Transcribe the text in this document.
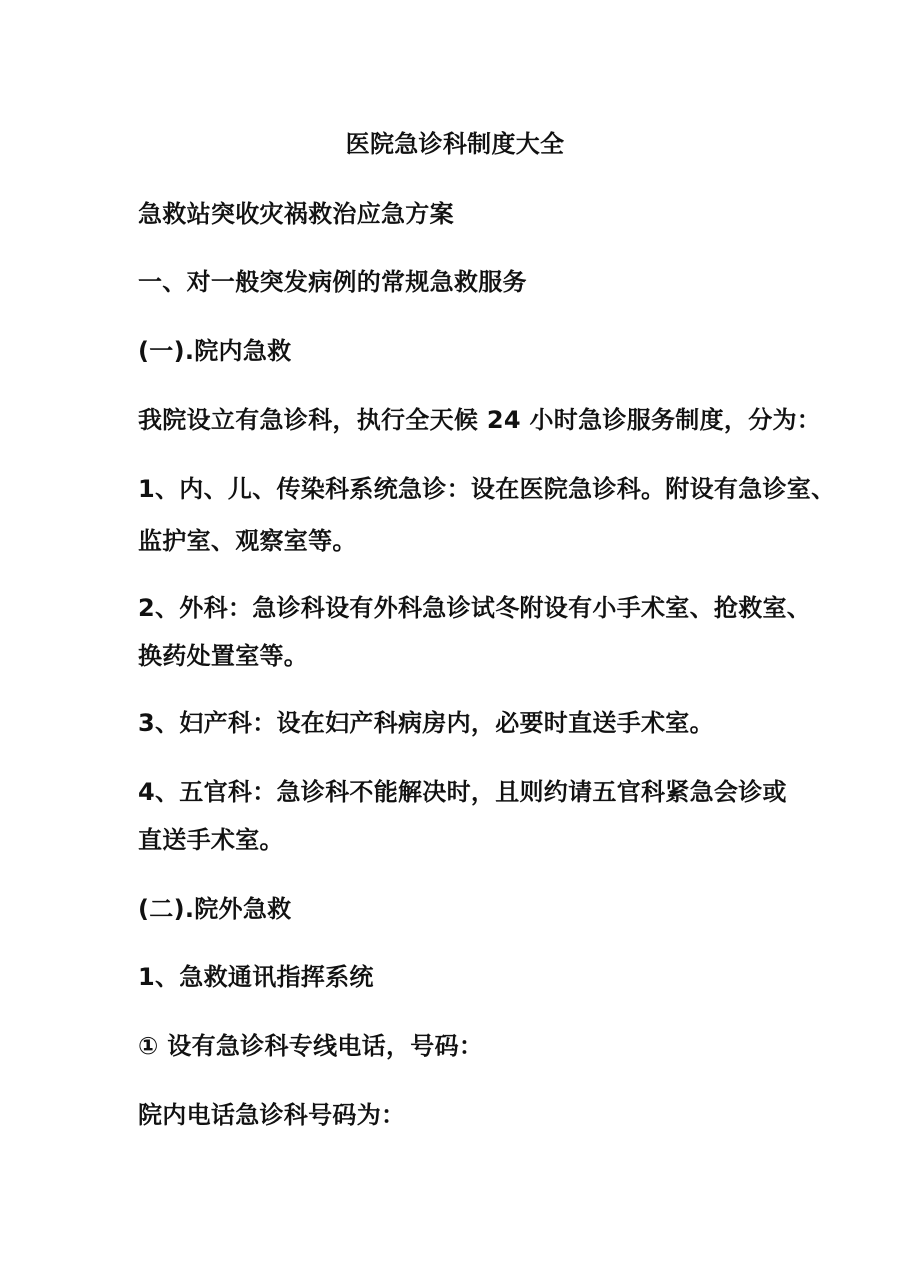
医院急诊科制度大全
急救站突收灾祸救治应急方案
一、对一般突发病例的常规急救服务
(一).院内急救
我院设立有急诊科，执行全天候 24 小时急诊服务制度，分为：
1、内、儿、传染科系统急诊：设在医院急诊科。附设有急诊室、
监护室、观察室等。
2、外科：急诊科设有外科急诊试冬附设有小手术室、抢救室、
换药处置室等。
3、妇产科：设在妇产科病房内，必要时直送手术室。
4、五官科：急诊科不能解决时，且则约请五官科紧急会诊或
直送手术室。
(二).院外急救
1、急救通讯指挥系统
① 设有急诊科专线电话，号码：
院内电话急诊科号码为：
